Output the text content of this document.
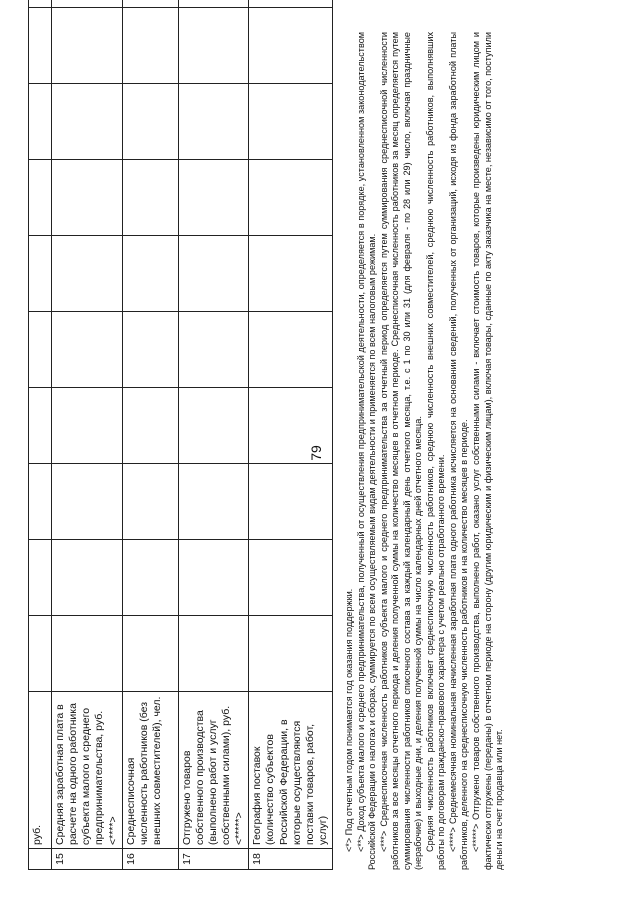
79
	руб.										
15	Средняя заработная плата в расчете на одного работника субъекта малого и среднего предпринимательства, руб. <****>										
16	Среднесписочная численность работников (без внешних совместителей), чел.										
17	Отгружено товаров собственного производства (выполнено работ и услуг собственными силами), руб. <*****>										
18	География поставок (количество субъектов Российской Федерации, в которые осуществляются поставки товаров, работ, услуг)										<*> Под отчетным годом понимается год оказания поддержки. <**> Доход субъекта малого и среднего предпринимательства, полученный от осуществления предпринимательской деятельности, определяется в порядке, установленном законодательством Российской Федерации о налогах и сборах, суммируется по всем осуществляемым видам деятельности и применяется по всем налоговым режимам. <***> Среднесписочная численность работников субъекта малого и среднего предпринимательства за отчетный период определяется путем суммирования среднесписочной численности работников за все месяцы отчетного периода и деления полученной суммы на количество месяцев в отчетном периоде. Среднесписочная численность работников за месяц определяется путем суммирования численности работников списочного состава за каждый календарный день отчетного месяца, т.е. с 1 по 30 или 31 (для февраля - по 28 или 29) число, включая праздничные (нерабочие) и выходные дни, и деления полученной суммы на число календарных дней отчетного месяца. Средняя численность работников включает среднесписочную численность работников, среднюю численность внешних совместителей, среднюю численность работников, выполнявших работы по договорам гражданско-правового характера с учетом реально отработанного времени. <****> Среднемесячная номинальная начисленная заработная плата одного работника исчисляется на основании сведений, полученных от организаций, исходя из фонда заработной платы работников, деленного на среднесписочную численность работников и на количество месяцев в периоде. <*****> Отгружено товаров собственного производства, выполнено работ, оказано услуг собственными силами - включает стоимость товаров, которые произведены юридическим лицом и фактически отгружены (переданы) в отчетном периоде на сторону (другим юридическим и физическим лицам), включая товары, сданные по акту заказчика на месте, независимо от того, поступили деньги на счет продавца или нет.
